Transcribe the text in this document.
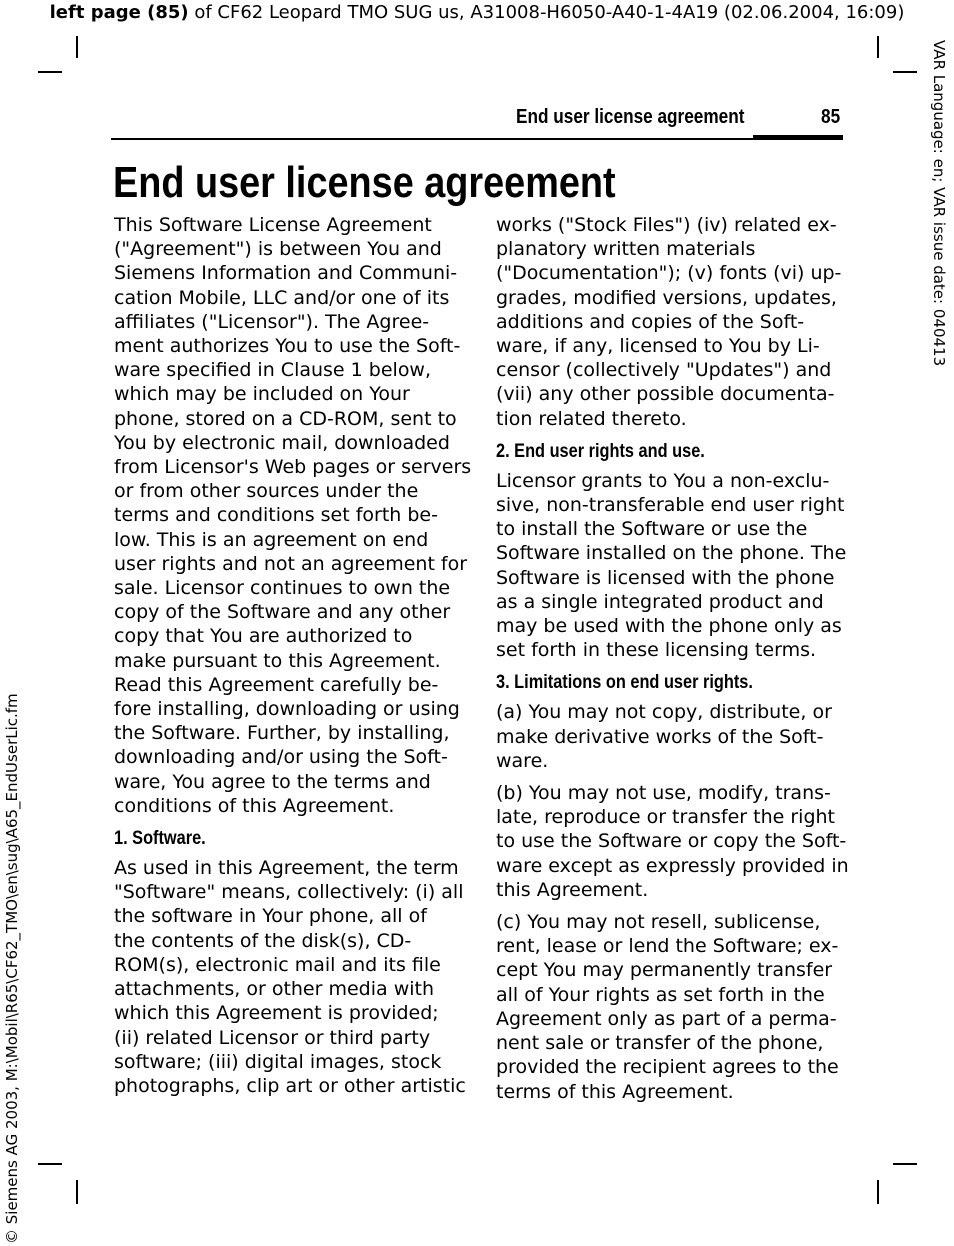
left page (85) of CF62 Leopard TMO SUG us, A31008-H6050-A40-1-4A19 (02.06.2004, 16:09)
VAR Language: en; VAR issue date: 040413
© Siemens AG 2003, M:\Mobil\R65\CF62_TMO\en\sug\A65_EndUserLic.fm
End user license agreement	85
End user license agreement

This Software License Agreement
("Agreement") is between You and
Siemens Information and Communi-
cation Mobile, LLC and/or one of its
affiliates ("Licensor"). The Agree-
ment authorizes You to use the Soft-
ware specified in Clause 1 below,
which may be included on Your
phone, stored on a CD-ROM, sent to
You by electronic mail, downloaded
from Licensor's Web pages or servers
or from other sources under the
terms and conditions set forth be-
low. This is an agreement on end
user rights and not an agreement for
sale. Licensor continues to own the
copy of the Software and any other
copy that You are authorized to
make pursuant to this Agreement.
Read this Agreement carefully be-
fore installing, downloading or using
the Software. Further, by installing,
downloading and/or using the Soft-
ware, You agree to the terms and
conditions of this Agreement.

1. Software.

As used in this Agreement, the term
"Software" means, collectively: (i) all
the software in Your phone, all of
the contents of the disk(s), CD-
ROM(s), electronic mail and its file
attachments, or other media with
which this Agreement is provided;
(ii) related Licensor or third party
software; (iii) digital images, stock
photographs, clip art or other artistic

works ("Stock Files") (iv) related ex-
planatory written materials
("Documentation"); (v) fonts (vi) up-
grades, modified versions, updates,
additions and copies of the Soft-
ware, if any, licensed to You by Li-
censor (collectively "Updates") and
(vii) any other possible documenta-
tion related thereto.

2. End user rights and use.

Licensor grants to You a non-exclu-
sive, non-transferable end user right
to install the Software or use the
Software installed on the phone. The
Software is licensed with the phone
as a single integrated product and
may be used with the phone only as
set forth in these licensing terms.

3. Limitations on end user rights.

(a) You may not copy, distribute, or
make derivative works of the Soft-
ware.

(b) You may not use, modify, trans-
late, reproduce or transfer the right
to use the Software or copy the Soft-
ware except as expressly provided in
this Agreement.

(c) You may not resell, sublicense,
rent, lease or lend the Software; ex-
cept You may permanently transfer
all of Your rights as set forth in the
Agreement only as part of a perma-
nent sale or transfer of the phone,
provided the recipient agrees to the
terms of this Agreement.
